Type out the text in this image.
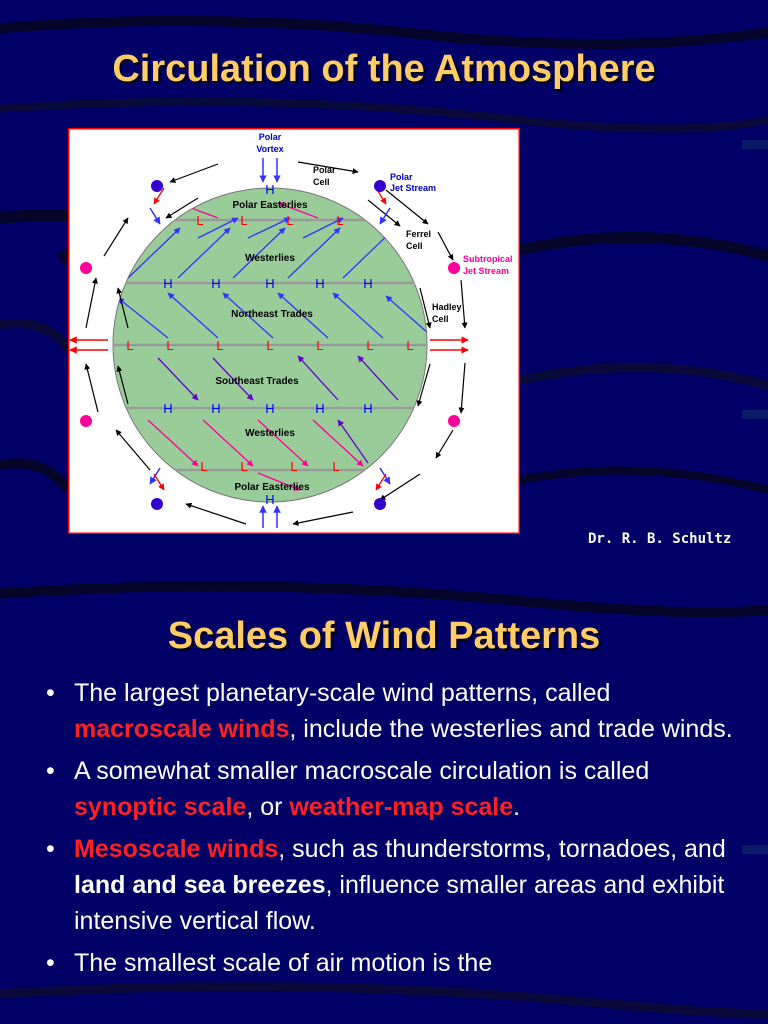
Circulation of the Atmosphere
H
H	H	H	H	H
H	H	H	H	H
H
L	L	L	L
L	L	L	L	L	L	L
L	L	L	L
Polar Easterlies
Westerlies
Northeast Trades
Southeast Trades
Westerlies
Polar Easterlies
Polar
Vortex
Polar
Cell	Polar
Jet Stream
Ferrel
Cell
Subtropical
Jet Stream
Hadley
Cell
Dr. R. B. Schultz
Scales of Wind Patterns
• The largest planetary-scale wind patterns, called macroscale winds, include the westerlies and trade winds.
• A somewhat smaller macroscale circulation is called synoptic scale, or weather-map scale.
• Mesoscale winds, such as thunderstorms, tornadoes, and land and sea breezes, influence smaller areas and exhibit intensive vertical flow.
• The smallest scale of air motion is the
